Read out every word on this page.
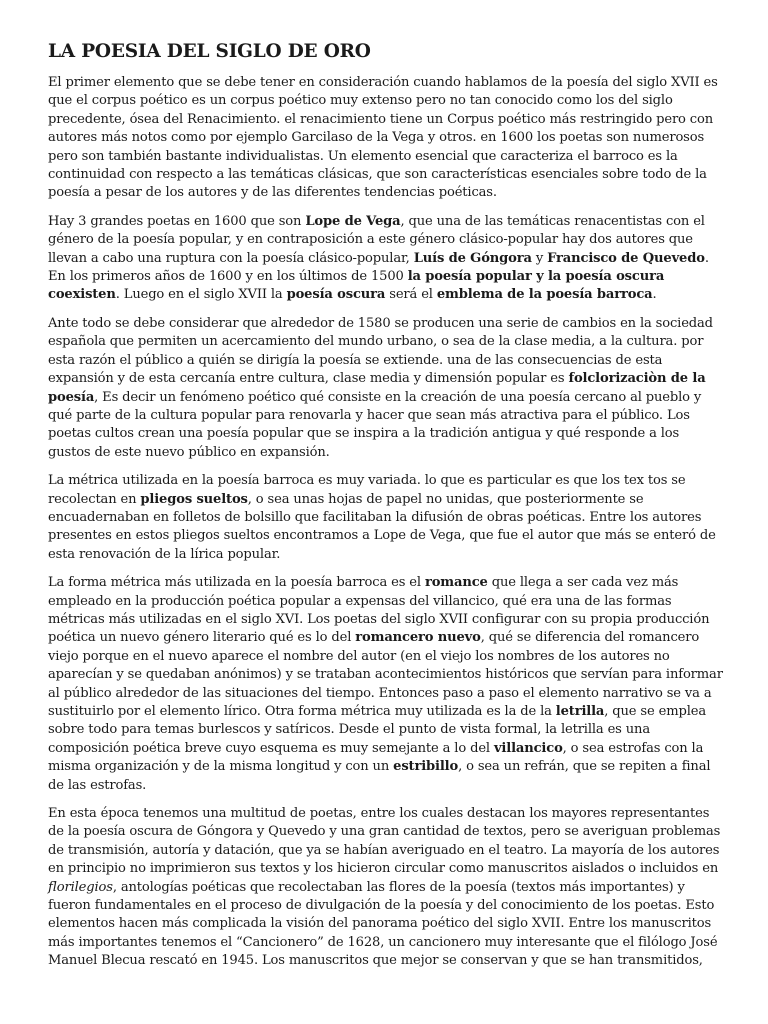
LA POESIA DEL SIGLO DE ORO

El primer elemento que se debe tener en consideración cuando hablamos de la poesía del siglo XVII es que el corpus poético es un corpus poético muy extenso pero no tan conocido como los del siglo precedente, ósea del Renacimiento. el renacimiento tiene un Corpus poético más restringido pero con autores más notos como por ejemplo Garcilaso de la Vega y otros. en 1600 los poetas son numerosos pero son también bastante individualistas. Un elemento esencial que caracteriza el barroco es la continuidad con respecto a las temáticas clásicas, que son características esenciales sobre todo de la poesía a pesar de los autores y de las diferentes tendencias poéticas.

Hay 3 grandes poetas en 1600 que son Lope de Vega, que una de las temáticas renacentistas con el género de la poesía popular, y en contraposición a este género clásico-popular hay dos autores que llevan a cabo una ruptura con la poesía clásico-popular, Luís de Góngora y Francisco de Quevedo. En los primeros años de 1600 y en los últimos de 1500 la poesía popular y la poesía oscura coexisten. Luego en el siglo XVII la poesía oscura será el emblema de la poesía barroca.

Ante todo se debe considerar que alrededor de 1580 se producen una serie de cambios en la sociedad española que permiten un acercamiento del mundo urbano, o sea de la clase media, a la cultura. por esta razón el público a quién se dirigía la poesía se extiende. una de las consecuencias de esta expansión y de esta cercanía entre cultura, clase media y dimensión popular es folclorizaciòn de la poesía, Es decir un fenómeno poético qué consiste en la creación de una poesía cercano al pueblo y qué parte de la cultura popular para renovarla y hacer que sean más atractiva para el público. Los poetas cultos crean una poesía popular que se inspira a la tradición antigua y qué responde a los gustos de este nuevo público en expansión.

La métrica utilizada en la poesía barroca es muy variada. lo que es particular es que los tex tos se recolectan en pliegos sueltos, o sea unas hojas de papel no unidas, que posteriormente se encuadernaban en folletos de bolsillo que facilitaban la difusión de obras poéticas. Entre los autores presentes en estos pliegos sueltos encontramos a Lope de Vega, que fue el autor que más se enteró de esta renovación de la lírica popular.

La forma métrica más utilizada en la poesía barroca es el romance que llega a ser cada vez más empleado en la producción poética popular a expensas del villancico, qué era una de las formas métricas más utilizadas en el siglo XVI. Los poetas del siglo XVII configurar con su propia producción poética un nuevo género literario qué es lo del romancero nuevo, qué se diferencia del romancero viejo porque en el nuevo aparece el nombre del autor (en el viejo los nombres de los autores no aparecían y se quedaban anónimos) y se trataban acontecimientos históricos que servían para informar al público alrededor de las situaciones del tiempo. Entonces paso a paso el elemento narrativo se va a sustituirlo por el elemento lírico. Otra forma métrica muy utilizada es la de la letrilla, que se emplea sobre todo para temas burlescos y satíricos. Desde el punto de vista formal, la letrilla es una composición poética breve cuyo esquema es muy semejante a lo del villancico, o sea estrofas con la misma organización y de la misma longitud y con un estribillo, o sea un refrán, que se repiten a final de las estrofas.

En esta época tenemos una multitud de poetas, entre los cuales destacan los mayores representantes de la poesía oscura de Góngora y Quevedo y una gran cantidad de textos, pero se averiguan problemas de transmisión, autoría y datación, que ya se habían averiguado en el teatro. La mayoría de los autores en principio no imprimieron sus textos y los hicieron circular como manuscritos aislados o incluidos en florilegios, antologías poéticas que recolectaban las flores de la poesía (textos más importantes) y fueron fundamentales en el proceso de divulgación de la poesía y del conocimiento de los poetas. Esto elementos hacen más complicada la visión del panorama poético del siglo XVII. Entre los manuscritos más importantes tenemos el “Cancionero” de 1628, un cancionero muy interesante que el filólogo José Manuel Blecua rescató en 1945. Los manuscritos que mejor se conservan y que se han transmitidos,
